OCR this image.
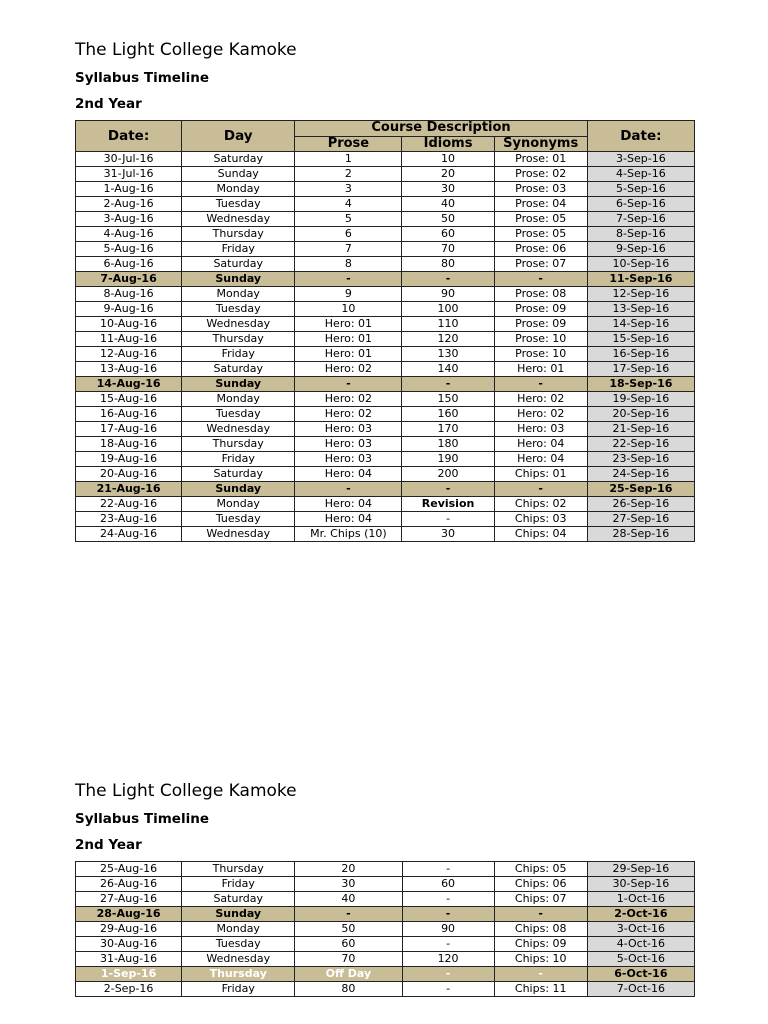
The Light College Kamoke
Syllabus Timeline
2nd Year
Date:	Day	Course Description			Date:
		Prose	Idioms	Synonyms	
30-Jul-16	Saturday	1	10	Prose: 01	3-Sep-16
31-Jul-16	Sunday	2	20	Prose: 02	4-Sep-16
1-Aug-16	Monday	3	30	Prose: 03	5-Sep-16
2-Aug-16	Tuesday	4	40	Prose: 04	6-Sep-16
3-Aug-16	Wednesday	5	50	Prose: 05	7-Sep-16
4-Aug-16	Thursday	6	60	Prose: 05	8-Sep-16
5-Aug-16	Friday	7	70	Prose: 06	9-Sep-16
6-Aug-16	Saturday	8	80	Prose: 07	10-Sep-16
7-Aug-16	Sunday	-	-	-	11-Sep-16
8-Aug-16	Monday	9	90	Prose: 08	12-Sep-16
9-Aug-16	Tuesday	10	100	Prose: 09	13-Sep-16
10-Aug-16	Wednesday	Hero: 01	110	Prose: 09	14-Sep-16
11-Aug-16	Thursday	Hero: 01	120	Prose: 10	15-Sep-16
12-Aug-16	Friday	Hero: 01	130	Prose: 10	16-Sep-16
13-Aug-16	Saturday	Hero: 02	140	Hero: 01	17-Sep-16
14-Aug-16	Sunday	-	-	-	18-Sep-16
15-Aug-16	Monday	Hero: 02	150	Hero: 02	19-Sep-16
16-Aug-16	Tuesday	Hero: 02	160	Hero: 02	20-Sep-16
17-Aug-16	Wednesday	Hero: 03	170	Hero: 03	21-Sep-16
18-Aug-16	Thursday	Hero: 03	180	Hero: 04	22-Sep-16
19-Aug-16	Friday	Hero: 03	190	Hero: 04	23-Sep-16
20-Aug-16	Saturday	Hero: 04	200	Chips: 01	24-Sep-16
21-Aug-16	Sunday	-	-	-	25-Sep-16
22-Aug-16	Monday	Hero: 04	Revision	Chips: 02	26-Sep-16
23-Aug-16	Tuesday	Hero: 04	-	Chips: 03	27-Sep-16
24-Aug-16	Wednesday	Mr. Chips (10)	30	Chips: 04	28-Sep-16
The Light College Kamoke
Syllabus Timeline
2nd Year
25-Aug-16	Thursday	20	-	Chips: 05	29-Sep-16
26-Aug-16	Friday	30	60	Chips: 06	30-Sep-16
27-Aug-16	Saturday	40	-	Chips: 07	1-Oct-16
28-Aug-16	Sunday	-	-	-	2-Oct-16
29-Aug-16	Monday	50	90	Chips: 08	3-Oct-16
30-Aug-16	Tuesday	60	-	Chips: 09	4-Oct-16
31-Aug-16	Wednesday	70	120	Chips: 10	5-Oct-16
1-Sep-16	Thursday	Off Day	-	-	6-Oct-16
2-Sep-16	Friday	80	-	Chips: 11	7-Oct-16
